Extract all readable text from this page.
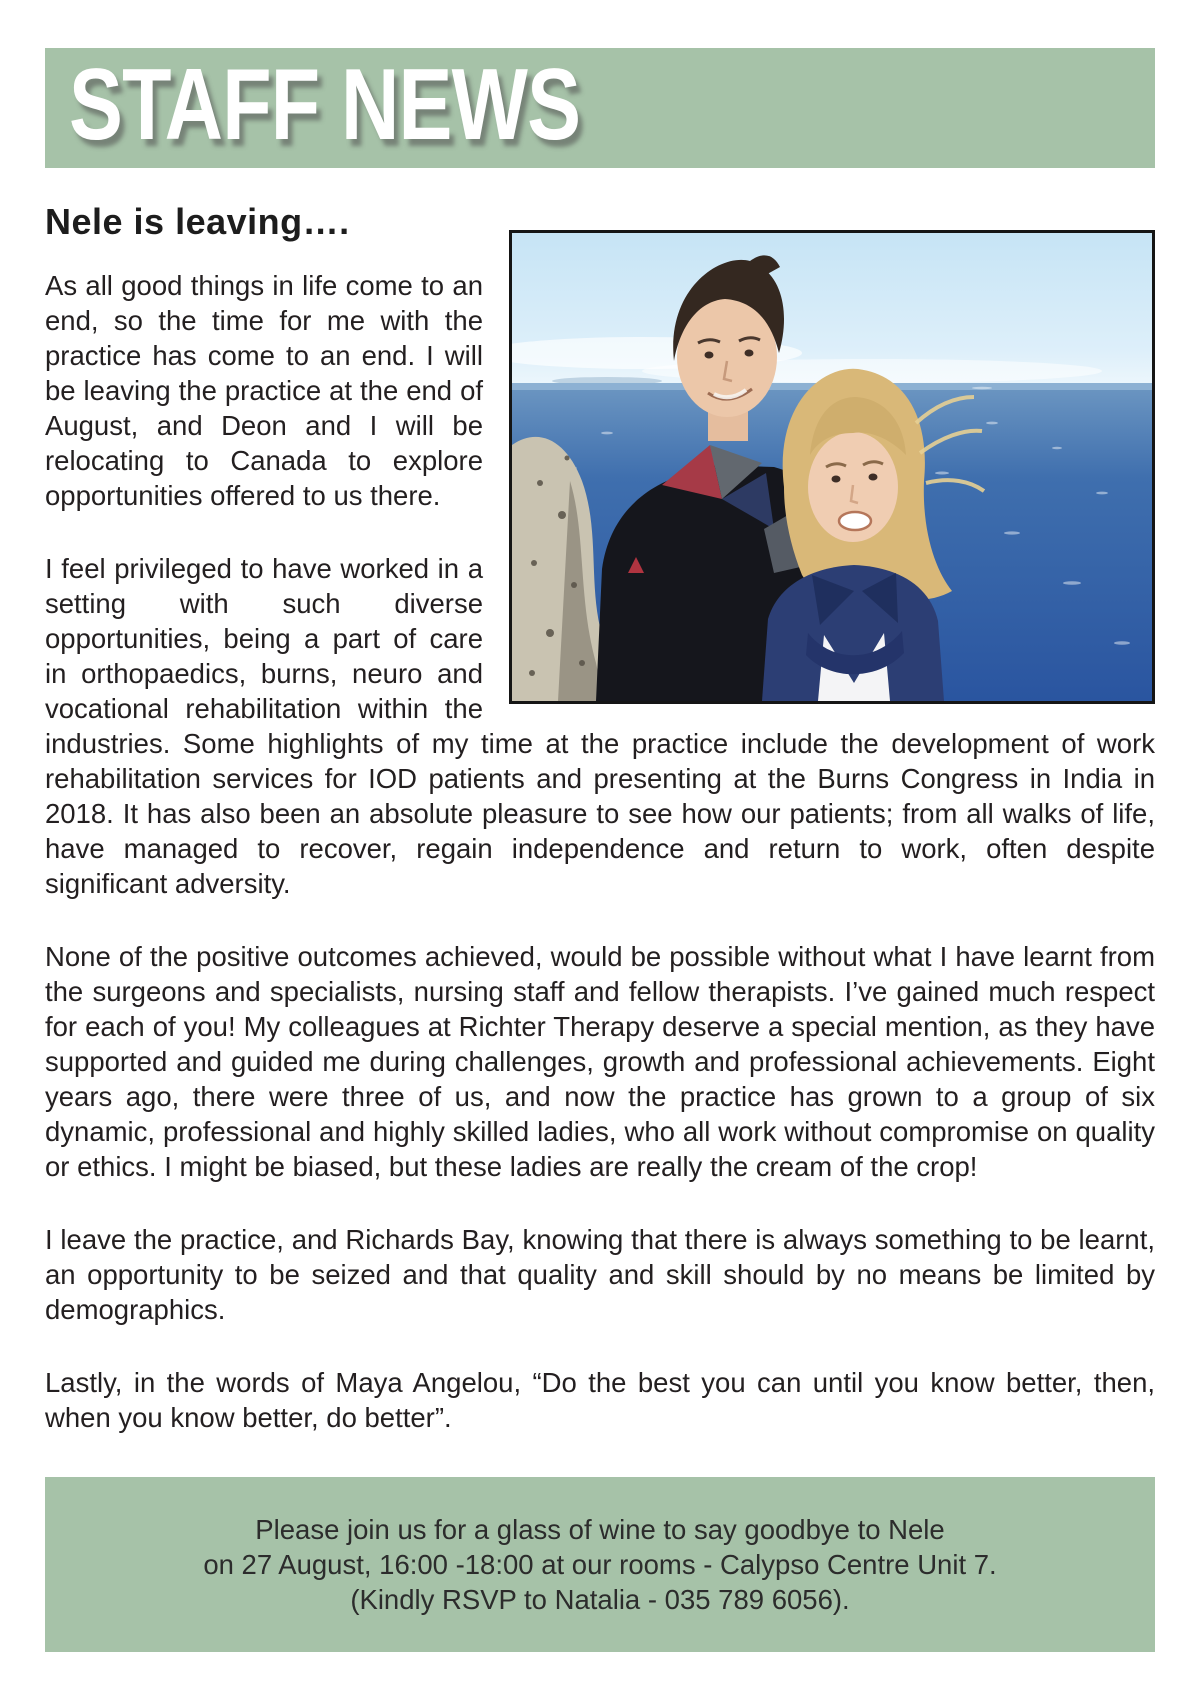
STAFF NEWS
Nele is leaving….

As all good things in life come to an end, so the time for me with the practice has come to an end. I will be leaving the practice at the end of August, and Deon and I will be relocating to Canada to explore opportunities offered to us there.

I feel privileged to have worked in a setting with such diverse opportunities, being a part of care in orthopaedics, burns, neuro and vocational rehabilitation within the industries. Some highlights of my time at the practice include the development of work rehabilitation services for IOD patients and presenting at the Burns Congress in India in 2018. It has also been an absolute pleasure to see how our patients; from all walks of life, have managed to recover, regain independence and return to work, often despite significant adversity.

None of the positive outcomes achieved, would be possible without what I have learnt from the surgeons and specialists, nursing staff and fellow therapists. I’ve gained much respect for each of you! My colleagues at Richter Therapy deserve a special mention, as they have supported and guided me during challenges, growth and professional achievements. Eight years ago, there were three of us, and now the practice has grown to a group of six dynamic, professional and highly skilled ladies, who all work without compromise on quality or ethics. I might be biased, but these ladies are really the cream of the crop!

I leave the practice, and Richards Bay, knowing that there is always something to be learnt, an opportunity to be seized and that quality and skill should by no means be limited by demographics.

Lastly, in the words of Maya Angelou, “Do the best you can until you know better, then, when you know better, do better”.

Please join us for a glass of wine to say goodbye to Nele
on 27 August, 16:00 -18:00 at our rooms - Calypso Centre Unit 7.
(Kindly RSVP to Natalia - 035 789 6056).
